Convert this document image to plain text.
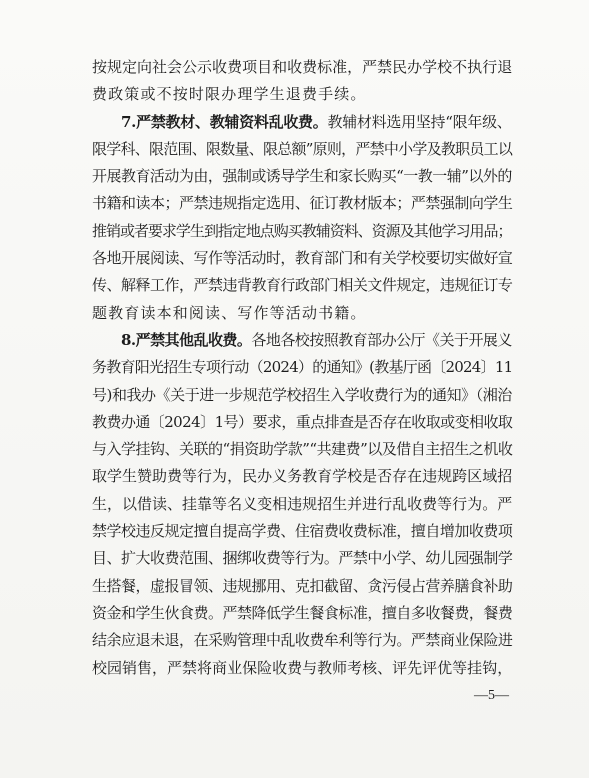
按规定向社会公示收费项目和收费标准，严禁民办学校不执行退
费政策或不按时限办理学生退费手续。
7.严禁教材、教辅资料乱收费。教辅材料选用坚持“限年级、
限学科、限范围、限数量、限总额”原则，严禁中小学及教职员工以
开展教育活动为由，强制或诱导学生和家长购买“一教一辅”以外的
书籍和读本；严禁违规指定选用、征订教材版本；严禁强制向学生
推销或者要求学生到指定地点购买教辅资料、资源及其他学习用品；
各地开展阅读、写作等活动时，教育部门和有关学校要切实做好宣
传、解释工作，严禁违背教育行政部门相关文件规定，违规征订专
题教育读本和阅读、写作等活动书籍。
8.严禁其他乱收费。各地各校按照教育部办公厅《关于开展义
务教育阳光招生专项行动（2024）的通知》(教基厅函〔2024〕11
号)和我办《关于进一步规范学校招生入学收费行为的通知》（湘治
教费办通〔2024〕1号）要求，重点排查是否存在收取或变相收取
与入学挂钩、关联的“捐资助学款”“共建费”以及借自主招生之机收
取学生赞助费等行为，民办义务教育学校是否存在违规跨区域招
生，以借读、挂靠等名义变相违规招生并进行乱收费等行为。严
禁学校违反规定擅自提高学费、住宿费收费标准，擅自增加收费项
目、扩大收费范围、捆绑收费等行为。严禁中小学、幼儿园强制学
生搭餐，虚报冒领、违规挪用、克扣截留、贪污侵占营养膳食补助
资金和学生伙食费。严禁降低学生餐食标准，擅自多收餐费，餐费
结余应退未退，在采购管理中乱收费牟利等行为。严禁商业保险进
校园销售，严禁将商业保险收费与教师考核、评先评优等挂钩，
—5—
